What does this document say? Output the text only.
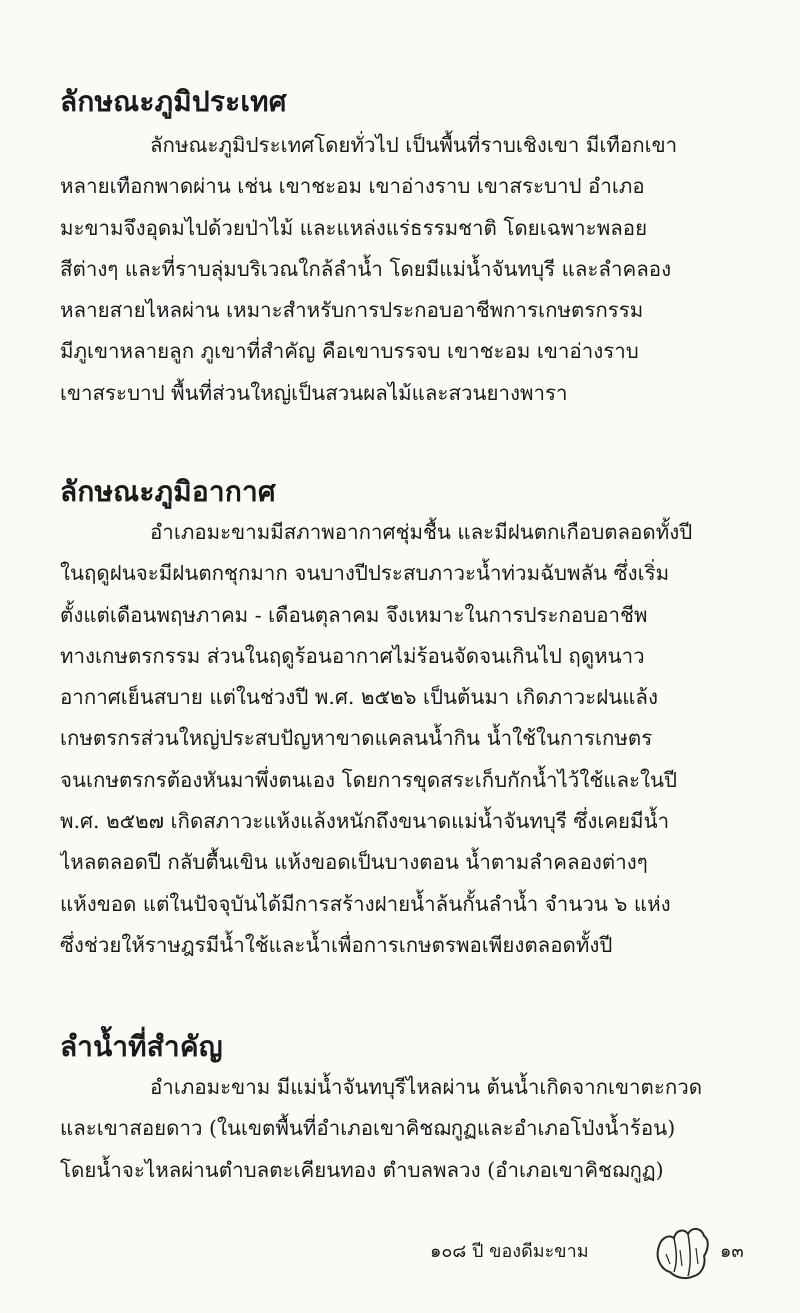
ลักษณะภูมิประเทศ
ลักษณะภูมิประเทศโดยทั่วไป เป็นพื้นที่ราบเชิงเขา มีเทือกเขา
หลายเทือกพาดผ่าน เช่น เขาชะอม เขาอ่างราบ เขาสระบาป อำเภอ
มะขามจึงอุดมไปด้วยป่าไม้ และแหล่งแร่ธรรมชาติ โดยเฉพาะพลอย
สีต่างๆ และที่ราบลุ่มบริเวณใกล้ลำน้ำ โดยมีแม่น้ำจันทบุรี และลำคลอง
หลายสายไหลผ่าน เหมาะสำหรับการประกอบอาชีพการเกษตรกรรม
มีภูเขาหลายลูก ภูเขาที่สำคัญ คือเขาบรรจบ เขาชะอม เขาอ่างราบ
เขาสระบาป พื้นที่ส่วนใหญ่เป็นสวนผลไม้และสวนยางพารา
ลักษณะภูมิอากาศ
อำเภอมะขามมีสภาพอากาศชุ่มชื้น และมีฝนตกเกือบตลอดทั้งปี
ในฤดูฝนจะมีฝนตกชุกมาก จนบางปีประสบภาวะน้ำท่วมฉับพลัน ซึ่งเริ่ม
ตั้งแต่เดือนพฤษภาคม - เดือนตุลาคม จึงเหมาะในการประกอบอาชีพ
ทางเกษตรกรรม ส่วนในฤดูร้อนอากาศไม่ร้อนจัดจนเกินไป ฤดูหนาว
อากาศเย็นสบาย แต่ในช่วงปี พ.ศ. ๒๕๒๖ เป็นต้นมา เกิดภาวะฝนแล้ง
เกษตรกรส่วนใหญ่ประสบปัญหาขาดแคลนน้ำกิน น้ำใช้ในการเกษตร
จนเกษตรกรต้องหันมาพึ่งตนเอง โดยการขุดสระเก็บกักน้ำไว้ใช้และในปี
พ.ศ. ๒๕๒๗ เกิดสภาวะแห้งแล้งหนักถึงขนาดแม่น้ำจันทบุรี ซึ่งเคยมีน้ำ
ไหลตลอดปี กลับตื้นเขิน แห้งขอดเป็นบางตอน น้ำตามลำคลองต่างๆ
แห้งขอด แต่ในปัจจุบันได้มีการสร้างฝายน้ำล้นกั้นลำน้ำ จำนวน ๖ แห่ง
ซึ่งช่วยให้ราษฎรมีน้ำใช้และน้ำเพื่อการเกษตรพอเพียงตลอดทั้งปี
ลำน้ำที่สำคัญ
อำเภอมะขาม มีแม่น้ำจันทบุรีไหลผ่าน ต้นน้ำเกิดจากเขาตะกวด
และเขาสอยดาว (ในเขตพื้นที่อำเภอเขาคิชฌกูฏและอำเภอโป่งน้ำร้อน)
โดยน้ำจะไหลผ่านตำบลตะเคียนทอง ตำบลพลวง (อำเภอเขาคิชฌกูฏ)
๑๐๘ ปี ของดีมะขาม	๑๓
